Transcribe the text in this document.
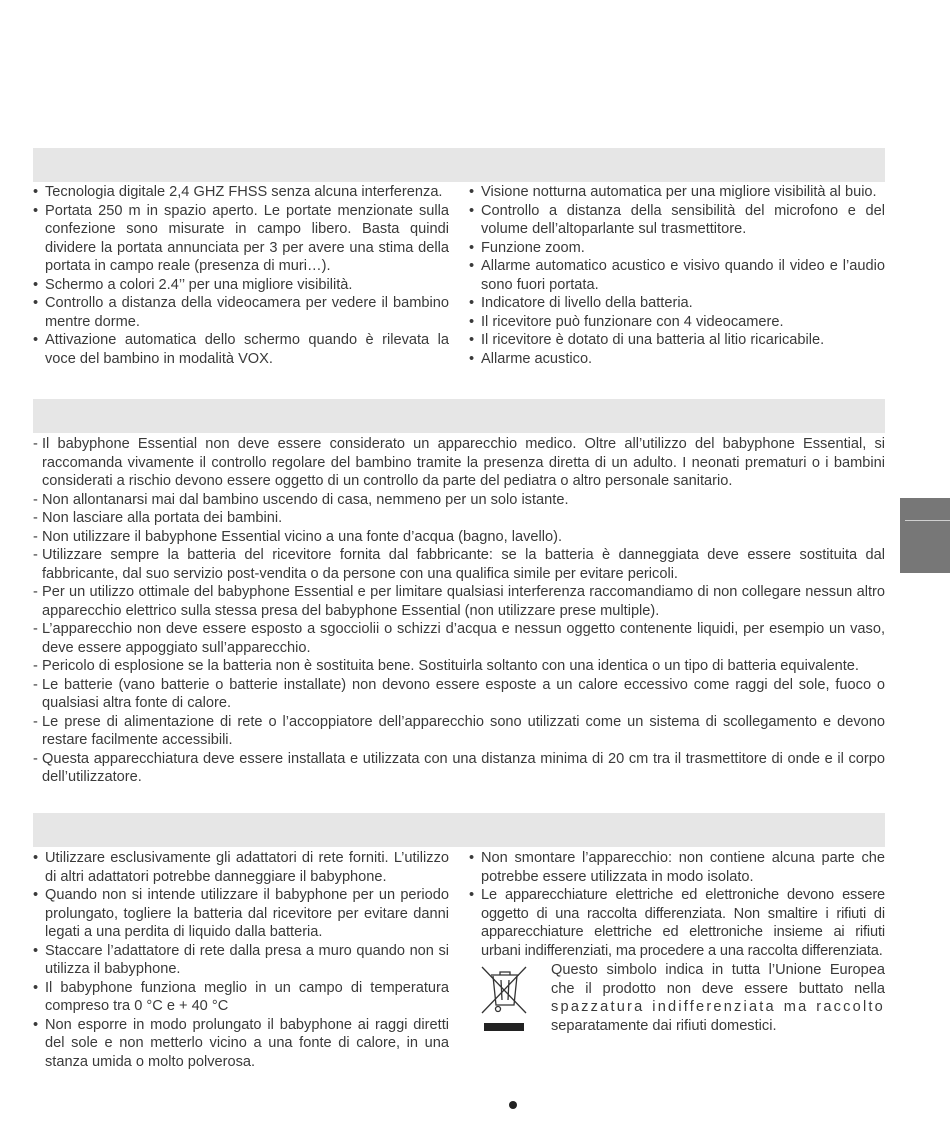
• Tecnologia digitale 2,4 GHZ FHSS senza alcuna interferenza.
• Portata 250 m in spazio aperto. Le portate menzionate sulla confezione sono misurate in campo libero. Basta quindi dividere la portata annunciata per 3 per avere una stima della portata in campo reale (presenza di muri…).
• Schermo a colori 2.4’’ per una migliore visibilità.
• Controllo a distanza della videocamera per vedere il bambino mentre dorme.
• Attivazione automatica dello schermo quando è rilevata la voce del bambino in modalità VOX.
• Visione notturna automatica per una migliore visibilità al buio.
• Controllo a distanza della sensibilità del microfono e del volume dell’altoparlante sul trasmettitore.
• Funzione zoom.
• Allarme automatico acustico e visivo quando il video e l’audio sono fuori portata.
• Indicatore di livello della batteria.
• Il ricevitore può funzionare con 4 videocamere.
• Il ricevitore è dotato di una batteria al litio ricaricabile.
• Allarme acustico.
- Il babyphone Essential non deve essere considerato un apparecchio medico. Oltre all’utilizzo del babyphone Essential, si raccomanda vivamente il controllo regolare del bambino tramite la presenza diretta di un adulto. I neonati prematuri o i bambini considerati a rischio devono essere oggetto di un controllo da parte del pediatra o altro personale sanitario.
- Non allontanarsi mai dal bambino uscendo di casa, nemmeno per un solo istante.
- Non lasciare alla portata dei bambini.
- Non utilizzare il babyphone Essential vicino a una fonte d’acqua (bagno, lavello).
- Utilizzare sempre la batteria del ricevitore fornita dal fabbricante: se la batteria è danneggiata deve essere sostituita dal fabbricante, dal suo servizio post-vendita o da persone con una qualifica simile per evitare pericoli.
- Per un utilizzo ottimale del babyphone Essential e per limitare qualsiasi interferenza raccomandiamo di non collegare nessun altro apparecchio elettrico sulla stessa presa del babyphone Essential (non utilizzare prese multiple).
- L’apparecchio non deve essere esposto a sgocciolii o schizzi d’acqua e nessun oggetto contenente liquidi, per esempio un vaso, deve essere appoggiato sull’apparecchio.
- Pericolo di esplosione se la batteria non è sostituita bene. Sostituirla soltanto con una identica o un tipo di batteria equivalente.
- Le batterie (vano batterie o batterie installate) non devono essere esposte a un calore eccessivo come raggi del sole, fuoco o qualsiasi altra fonte di calore.
- Le prese di alimentazione di rete o l’accoppiatore dell’apparecchio sono utilizzati come un sistema di scollegamento e devono restare facilmente accessibili.
- Questa apparecchiatura deve essere installata e utilizzata con una distanza minima di 20 cm tra il trasmettitore di onde e il corpo dell’utilizzatore.
• Utilizzare esclusivamente gli adattatori di rete forniti. L’utilizzo di altri adattatori potrebbe danneggiare il babyphone.
• Quando non si intende utilizzare il babyphone per un periodo prolungato, togliere la batteria dal ricevitore per evitare danni legati a una perdita di liquido dalla batteria.
• Staccare l’adattatore di rete dalla presa a muro quando non si utilizza il babyphone.
• Il babyphone funziona meglio in un campo di temperatura compreso tra 0 °C e + 40 °C
• Non esporre in modo prolungato il babyphone ai raggi diretti del sole e non metterlo vicino a una fonte di calore, in una stanza umida o molto polverosa.
• Non smontare l’apparecchio: non contiene alcuna parte che potrebbe essere utilizzata in modo isolato.
• Le apparecchiature elettriche ed elettroniche devono essere oggetto di una raccolta differenziata. Non smaltire i rifiuti di apparecchiature elettriche ed elettroniche insieme ai rifiuti urbani indifferenziati, ma procedere a una raccolta differenziata.
Questo simbolo indica in tutta l’Unione Europea che il prodotto non deve essere buttato nella spazzatura indifferenziata ma raccolto separatamente dai rifiuti domestici.
